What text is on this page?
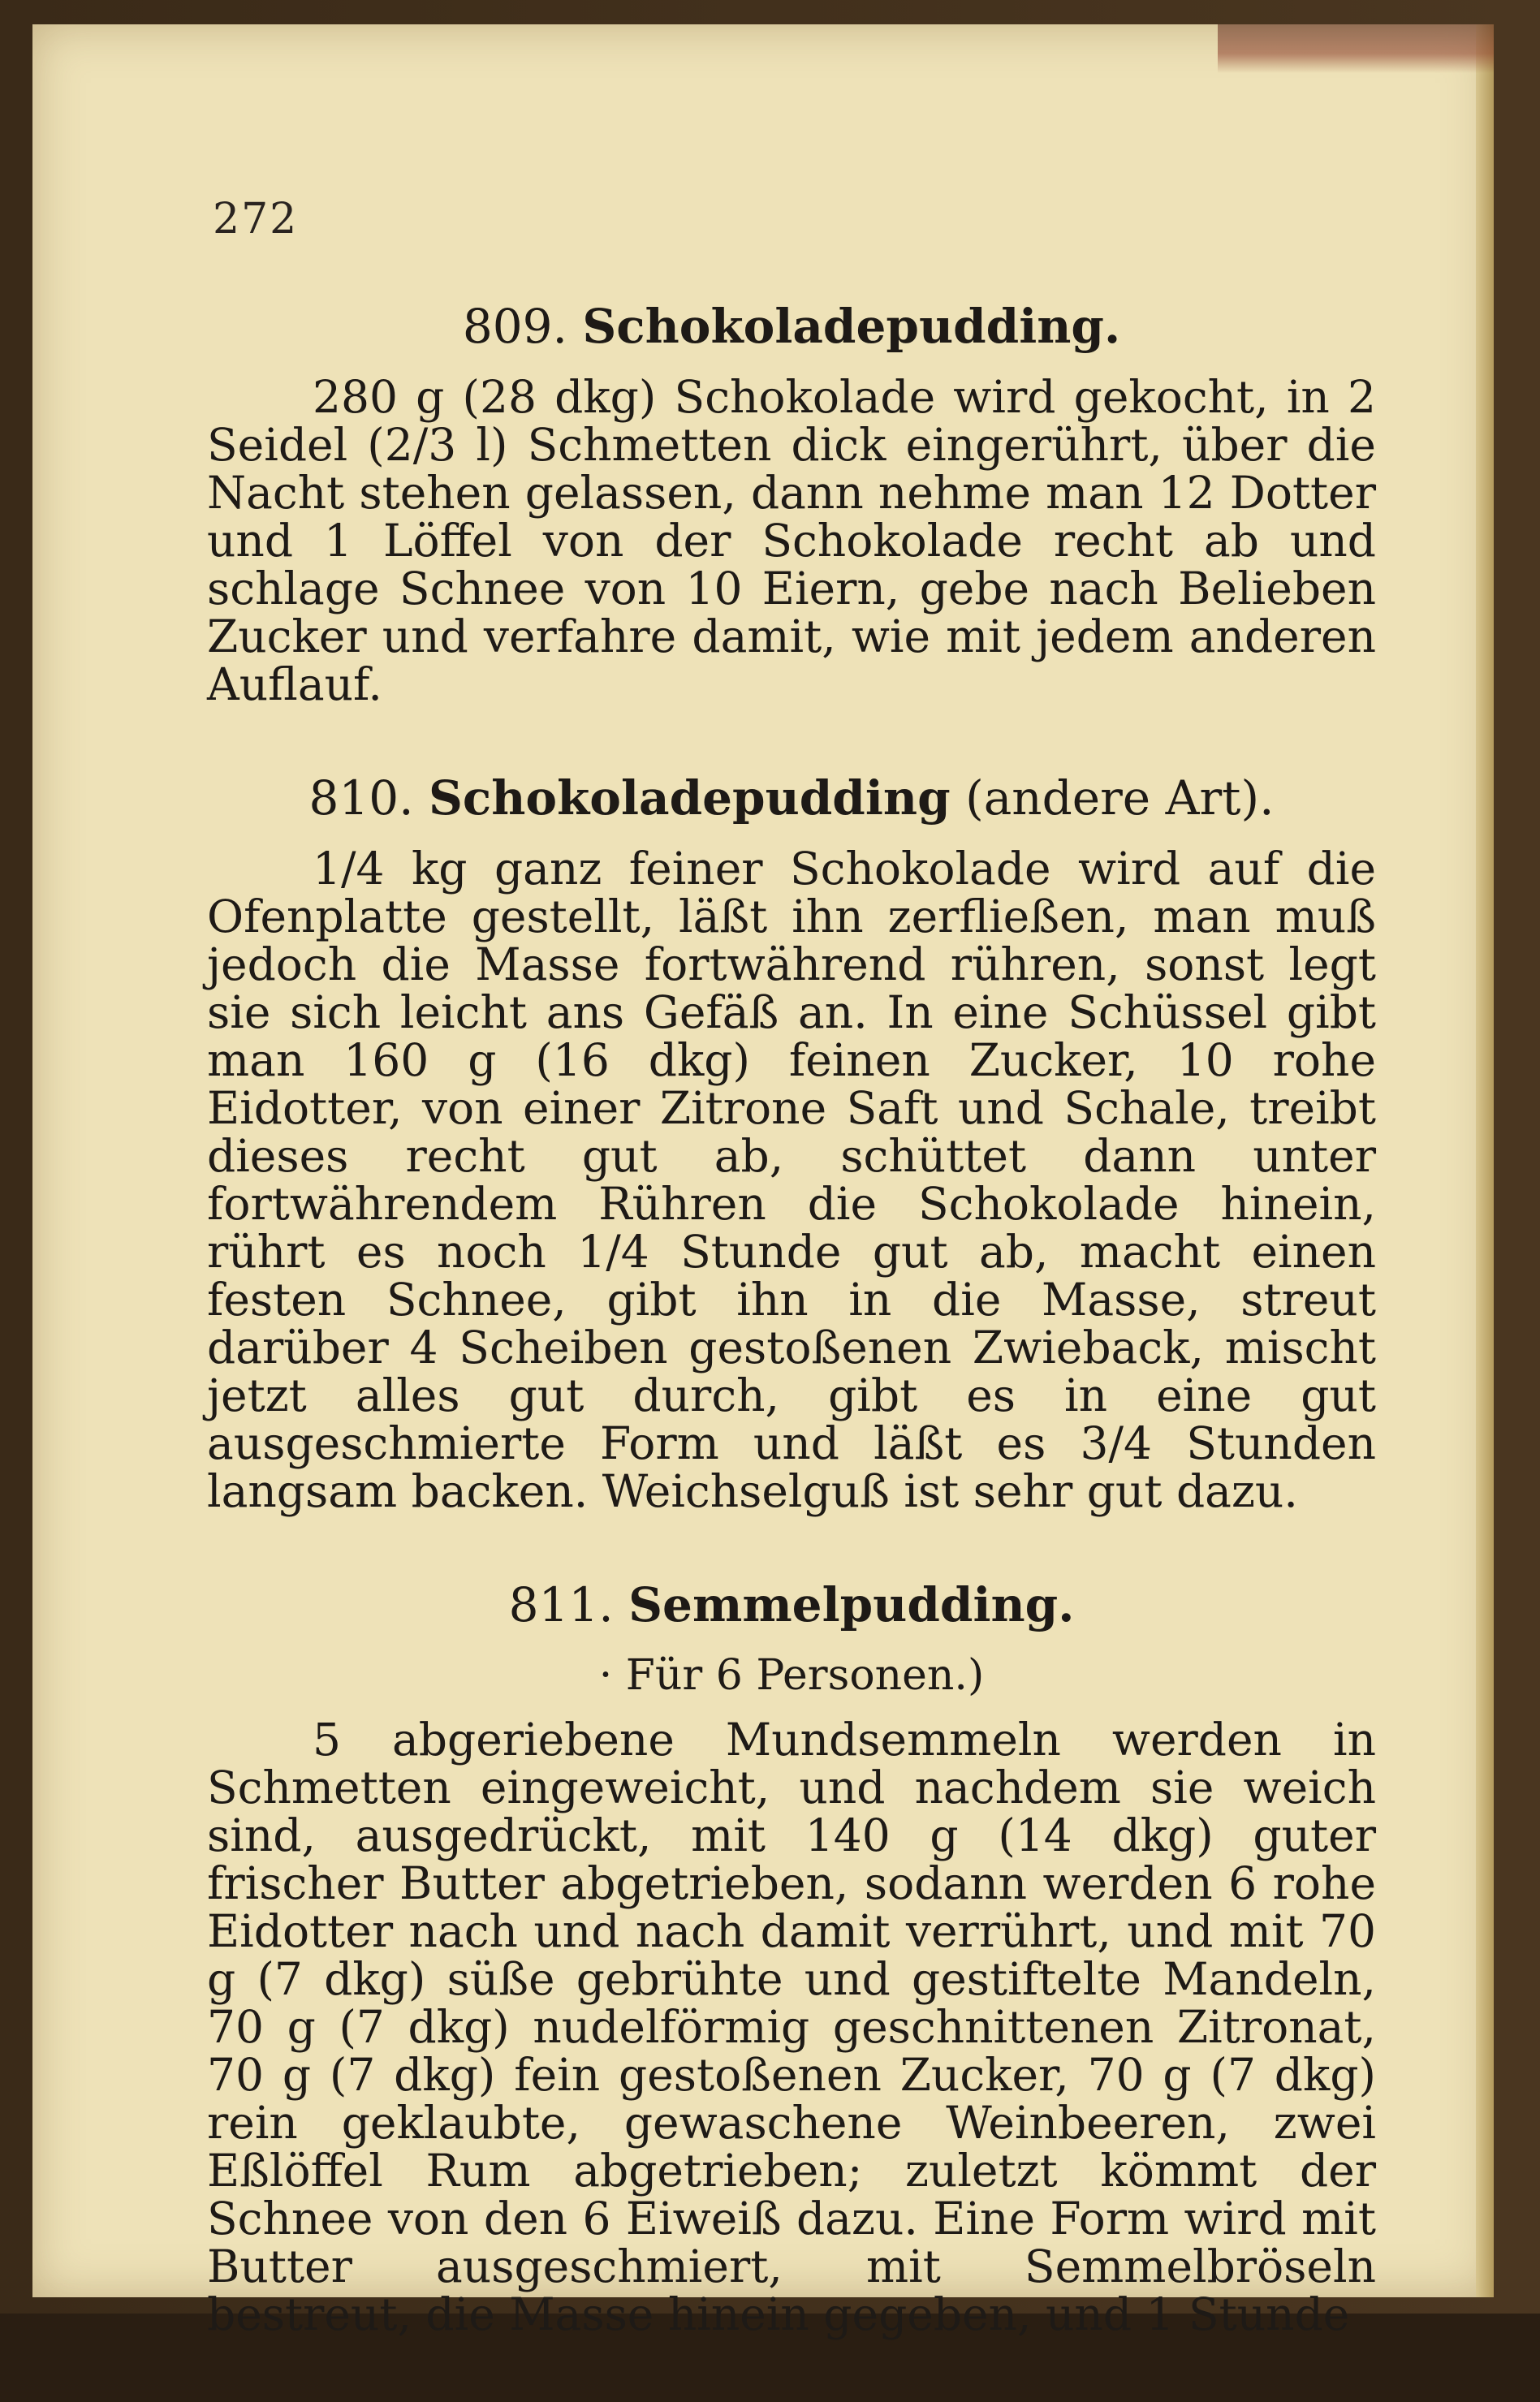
272

809. Schokoladepudding.

280 g (28 dkg) Schokolade wird gekocht, in 2 Seidel (2/3 l) Schmetten dick eingerührt, über die Nacht stehen gelassen, dann nehme man 12 Dotter und 1 Löffel von der Schokolade recht ab und schlage Schnee von 10 Eiern, gebe nach Belieben Zucker und verfahre damit, wie mit jedem anderen Auflauf.

810. Schokoladepudding (andere Art).

1/4 kg ganz feiner Schokolade wird auf die Ofenplatte gestellt, läßt ihn zerfließen, man muß jedoch die Masse fortwährend rühren, sonst legt sie sich leicht ans Gefäß an. In eine Schüssel gibt man 160 g (16 dkg) feinen Zucker, 10 rohe Eidotter, von einer Zitrone Saft und Schale, treibt dieses recht gut ab, schüttet dann unter fortwährendem Rühren die Schokolade hinein, rührt es noch 1/4 Stunde gut ab, macht einen festen Schnee, gibt ihn in die Masse, streut darüber 4 Scheiben gestoßenen Zwieback, mischt jetzt alles gut durch, gibt es in eine gut ausgeschmierte Form und läßt es 3/4 Stunden langsam backen. Weichselguß ist sehr gut dazu.

811. Semmelpudding.

· Für 6 Personen.)

5 abgeriebene Mundsemmeln werden in Schmetten eingeweicht, und nachdem sie weich sind, ausgedrückt, mit 140 g (14 dkg) guter frischer Butter abgetrieben, sodann werden 6 rohe Eidotter nach und nach damit verrührt, und mit 70 g (7 dkg) süße gebrühte und gestiftelte Mandeln, 70 g (7 dkg) nudelförmig geschnittenen Zitronat, 70 g (7 dkg) fein gestoßenen Zucker, 70 g (7 dkg) rein geklaubte, gewaschene Weinbeeren, zwei Eßlöffel Rum abgetrieben; zuletzt kömmt der Schnee von den 6 Eiweiß dazu. Eine Form wird mit Butter ausgeschmiert, mit Semmelbröseln bestreut, die Masse hinein gegeben, und 1 Stunde
